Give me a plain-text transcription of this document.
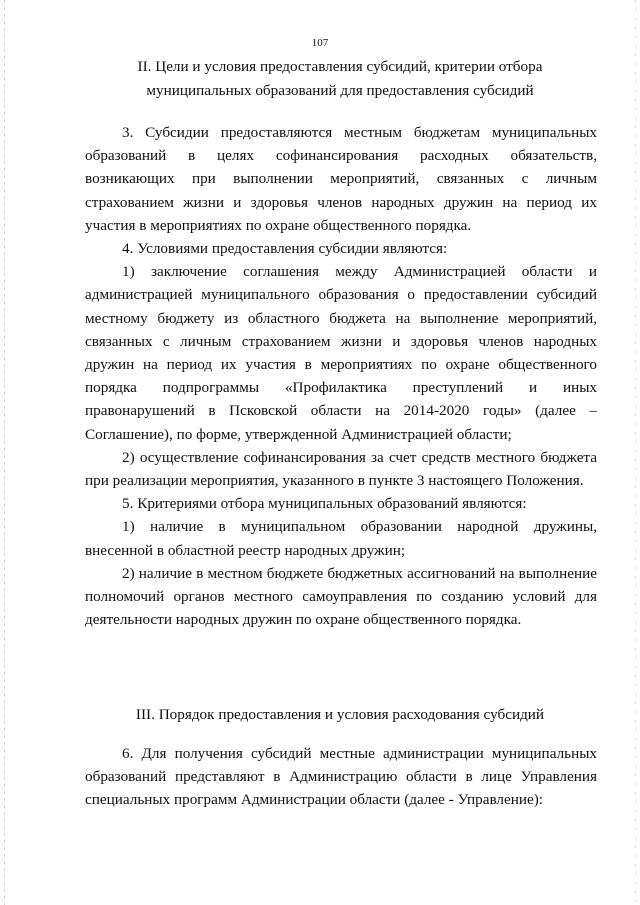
107
II. Цели и условия предоставления субсидий, критерии отбора
муниципальных образований для предоставления субсидий

3. Субсидии предоставляются местным бюджетам муниципальных образований в целях софинансирования расходных обязательств, возникающих при выполнении мероприятий, связанных с личным страхованием жизни и здоровья членов народных дружин на период их участия в мероприятиях по охране общественного порядка.

4. Условиями предоставления субсидии являются:

1) заключение соглашения между Администрацией области и администрацией муниципального образования о предоставлении субсидий местному бюджету из областного бюджета на выполнение мероприятий, связанных с личным страхованием жизни и здоровья членов народных дружин на период их участия в мероприятиях по охране общественного порядка подпрограммы «Профилактика преступлений и иных правонарушений в Псковской области на 2014-2020 годы» (далее – Соглашение), по форме, утвержденной Администрацией области;

2) осуществление софинансирования за счет средств местного бюджета при реализации мероприятия, указанного в пункте 3 настоящего Положения.

5. Критериями отбора муниципальных образований являются:

1) наличие в муниципальном образовании народной дружины, внесенной в областной реестр народных дружин;

2) наличие в местном бюджете бюджетных ассигнований на выполнение полномочий органов местного самоуправления по созданию условий для деятельности народных дружин по охране общественного порядка.

III. Порядок предоставления и условия расходования субсидий

6. Для получения субсидий местные администрации муниципальных образований представляют в Администрацию области в лице Управления специальных программ Администрации области (далее - Управление):
